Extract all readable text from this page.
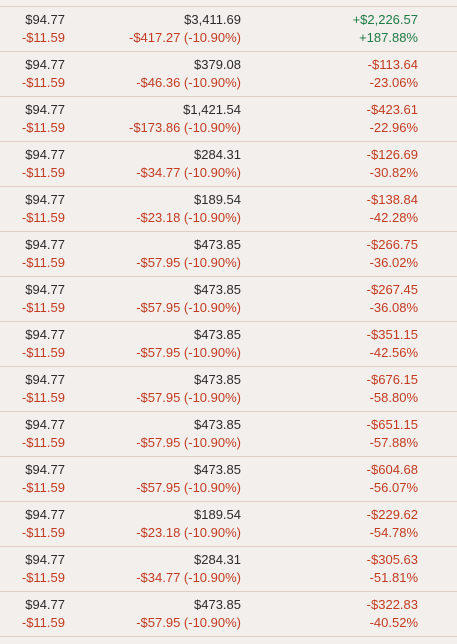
$94.77
-$11.59
$3,411.69
-$417.27 (-10.90%)
+$2,226.57
+187.88%
$94.77
-$11.59
$379.08
-$46.36 (-10.90%)
-$113.64
-23.06%
$94.77
-$11.59
$1,421.54
-$173.86 (-10.90%)
-$423.61
-22.96%
$94.77
-$11.59
$284.31
-$34.77 (-10.90%)
-$126.69
-30.82%
$94.77
-$11.59
$189.54
-$23.18 (-10.90%)
-$138.84
-42.28%
$94.77
-$11.59
$473.85
-$57.95 (-10.90%)
-$266.75
-36.02%
$94.77
-$11.59
$473.85
-$57.95 (-10.90%)
-$267.45
-36.08%
$94.77
-$11.59
$473.85
-$57.95 (-10.90%)
-$351.15
-42.56%
$94.77
-$11.59
$473.85
-$57.95 (-10.90%)
-$676.15
-58.80%
$94.77
-$11.59
$473.85
-$57.95 (-10.90%)
-$651.15
-57.88%
$94.77
-$11.59
$473.85
-$57.95 (-10.90%)
-$604.68
-56.07%
$94.77
-$11.59
$189.54
-$23.18 (-10.90%)
-$229.62
-54.78%
$94.77
-$11.59
$284.31
-$34.77 (-10.90%)
-$305.63
-51.81%
$94.77
-$11.59
$473.85
-$57.95 (-10.90%)
-$322.83
-40.52%
